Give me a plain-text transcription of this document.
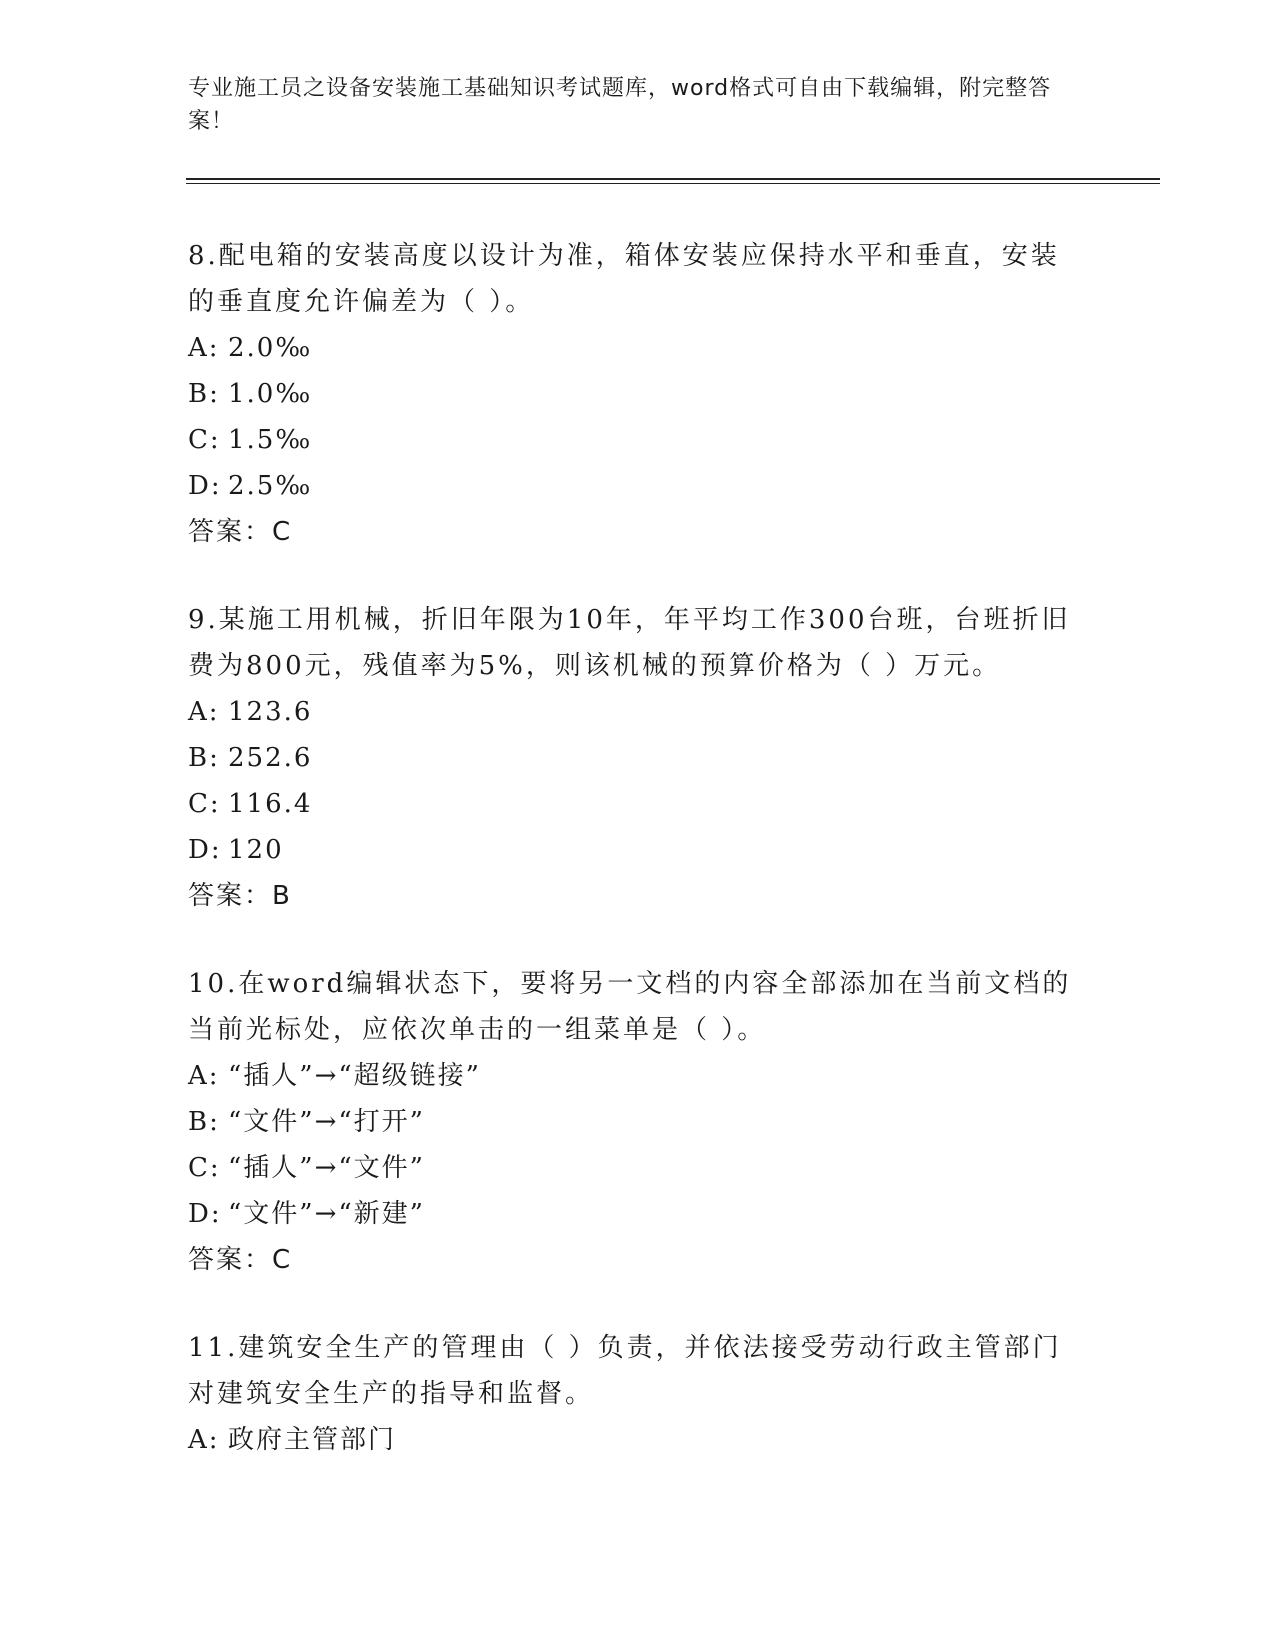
专业施工员之设备安装施工基础知识考试题库，word格式可自由下载编辑，附完整答案！

8.配电箱的安装高度以设计为准，箱体安装应保持水平和垂直，安装的垂直度允许偏差为（ ）。

A: 2.0‰
B: 1.0‰
C: 1.5‰
D: 2.5‰
答案：C

9.某施工用机械，折旧年限为10年，年平均工作300台班，台班折旧费为800元，残值率为5%，则该机械的预算价格为（ ）万元。

A: 123.6
B: 252.6
C: 116.4
D: 120
答案：B

10.在word编辑状态下，要将另一文档的内容全部添加在当前文档的当前光标处，应依次单击的一组菜单是（ ）。

A: “插人”→“超级链接”
B: “文件”→“打开”
C: “插人”→“文件”
D: “文件”→“新建”
答案：C

11.建筑安全生产的管理由（ ）负责，并依法接受劳动行政主管部门对建筑安全生产的指导和监督。

A: 政府主管部门
